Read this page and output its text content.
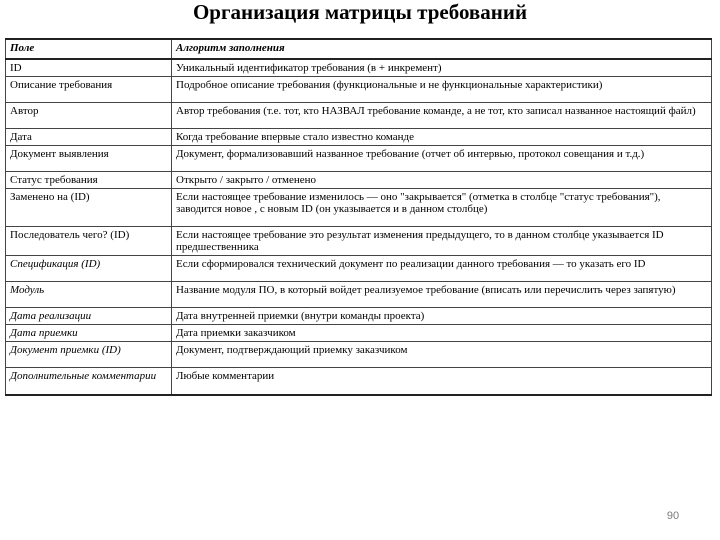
Организация матрицы требований
Поле	Алгоритм заполнения
ID	Уникальный идентификатор требования (в + инкремент)
Описание требования	Подробное описание требования (функциональные и не функциональные характеристики)
Автор	Автор требования (т.е. тот, кто НАЗВАЛ требование команде, а не тот, кто записал названное настоящий файл)
Дата	Когда требование впервые стало известно команде
Документ выявления	Документ, формализовавший названное требование (отчет об интервью, протокол совещания и т.д.)
Статус требования	Открыто / закрыто / отменено
Заменено на (ID)	Если настоящее требование изменилось — оно "закрывается" (отметка в столбце "статус требования"), заводится новое , с новым ID (он указывается и в данном столбце)
Последователь чего? (ID)	Если настоящее требование это результат изменения предыдущего, то в данном столбце указывается ID предшественника
Спецификация (ID)	Если сформировался технический документ по реализации данного требования — то указать его ID
Модуль	Название модуля ПО, в который войдет реализуемое требование (вписать или перечислить через запятую)
Дата реализации	Дата внутренней приемки (внутри команды проекта)
Дата приемки	Дата приемки заказчиком
Документ приемки (ID)	Документ, подтверждающий приемку заказчиком
Дополнительные комментарии	Любые комментарии
90
